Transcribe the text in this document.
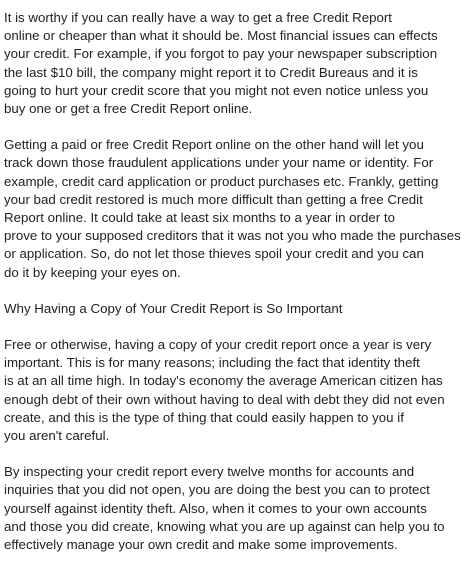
It is worthy if you can really have a way to get a free Credit Report
online or cheaper than what it should be. Most financial issues can effects
your credit. For example, if you forgot to pay your newspaper subscription
the last $10 bill, the company might report it to Credit Bureaus and it is
going to hurt your credit score that you might not even notice unless you
buy one or get a free Credit Report online.

Getting a paid or free Credit Report online on the other hand will let you
track down those fraudulent applications under your name or identity. For
example, credit card application or product purchases etc. Frankly, getting
your bad credit restored is much more difficult than getting a free Credit
Report online. It could take at least six months to a year in order to
prove to your supposed creditors that it was not you who made the purchases
or application. So, do not let those thieves spoil your credit and you can
do it by keeping your eyes on.

Why Having a Copy of Your Credit Report is So Important

Free or otherwise, having a copy of your credit report once a year is very
important. This is for many reasons; including the fact that identity theft
is at an all time high. In today's economy the average American citizen has
enough debt of their own without having to deal with debt they did not even
create, and this is the type of thing that could easily happen to you if
you aren't careful.

By inspecting your credit report every twelve months for accounts and
inquiries that you did not open, you are doing the best you can to protect
yourself against identity theft. Also, when it comes to your own accounts
and those you did create, knowing what you are up against can help you to
effectively manage your own credit and make some improvements.
